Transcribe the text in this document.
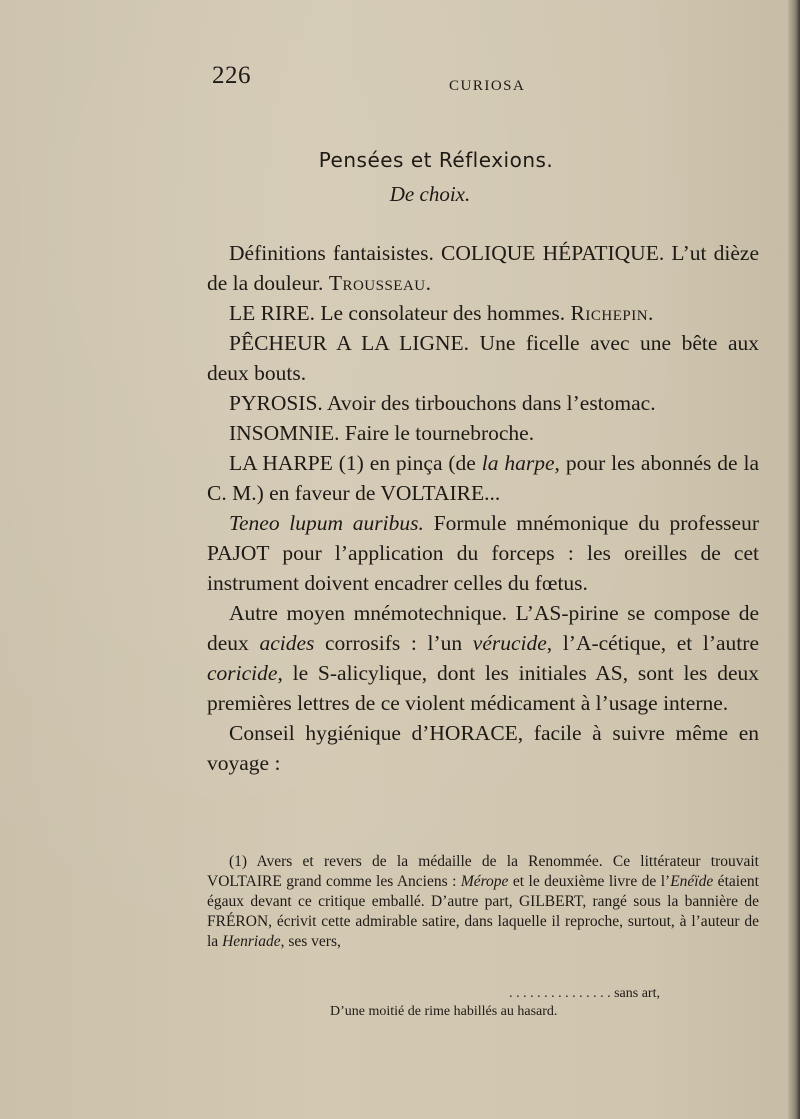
226	CURIOSA
Pensées et Réflexions.
De choix.

Définitions fantaisistes. COLIQUE HÉPATIQUE. L’ut dièze de la douleur. Trousseau.

LE RIRE. Le consolateur des hommes. Richepin.

PÊCHEUR A LA LIGNE. Une ficelle avec une bête aux deux bouts.

PYROSIS. Avoir des tirbouchons dans l’estomac.

INSOMNIE. Faire le tournebroche.

LA HARPE (1) en pinça (de la harpe, pour les abonnés de la C. M.) en faveur de VOLTAIRE...

Teneo lupum auribus. Formule mnémonique du professeur PAJOT pour l’application du forceps : les oreilles de cet instrument doivent encadrer celles du fœtus.

Autre moyen mnémotechnique. L’AS-pirine se compose de deux acides corrosifs : l’un vérucide, l’A-cétique, et l’autre coricide, le S-alicylique, dont les initiales AS, sont les deux premières lettres de ce violent médicament à l’usage interne.

Conseil hygiénique d’HORACE, facile à suivre même en voyage :

(1) Avers et revers de la médaille de la Renommée. Ce littérateur trouvait VOLTAIRE grand comme les Anciens : Mérope et le deuxième livre de l’Enéïde étaient égaux devant ce critique emballé. D’autre part, GILBERT, rangé sous la bannière de FRÉRON, écrivit cette admirable satire, dans laquelle il reproche, surtout, à l’auteur de la Henriade, ses vers,

. . . . . . . . . . . . . . . sans art,
D’une moitié de rime habillés au hasard.
